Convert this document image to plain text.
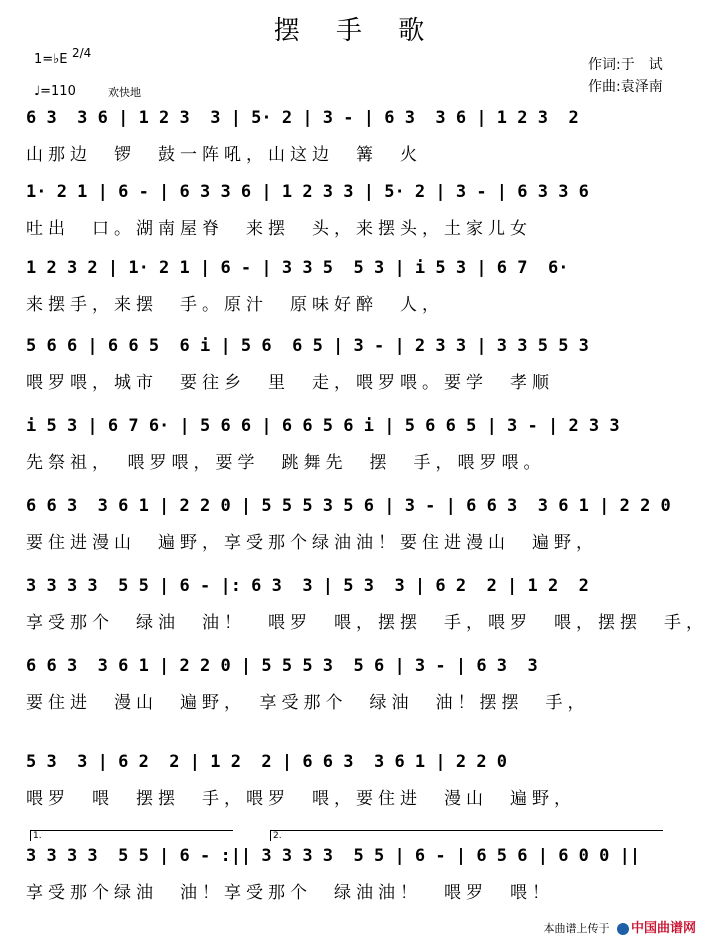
摆 手 歌
1=♭E 2/4
♩=110	欢快地
作词:于　试
作曲:袁泽南
6 3  3 6 | 1 2 3  3 | 5· 2 | 3 - | 6 3  3 6 | 1 2 3  2
山那边　锣　鼓一阵吼，山这边　篝　火
1· 2 1 | 6 - | 6 3 3 6 | 1 2 3 3 | 5· 2 | 3 - | 6 3 3 6
吐出　口。湖南屋脊　来摆　头，来摆头，土家儿女
1 2 3 2 | 1· 2 1 | 6 - | 3 3 5  5 3 | i 5 3 | 6 7  6·
来摆手，来摆　手。原汁　原味好醉　人，
5 6 6 | 6 6 5  6 i | 5 6  6 5 | 3 - | 2 3 3 | 3 3 5 5 3
喂罗喂，城市　要往乡　里　走，喂罗喂。要学　孝顺
i 5 3 | 6 7 6· | 5 6 6 | 6 6 5 6 i | 5 6 6 5 | 3 - | 2 3 3
先祭祖，　喂罗喂，要学　跳舞先　摆　手，喂罗喂。
6 6 3  3 6 1 | 2 2 0 | 5 5 5 3 5 6 | 3 - | 6 6 3  3 6 1 | 2 2 0
要住进漫山　遍野，享受那个绿油油！要住进漫山　遍野，
3 3 3 3  5 5 | 6 - |: 6 3  3 | 5 3  3 | 6 2  2 | 1 2  2
享受那个　绿油　油！　喂罗　喂，摆摆　手，喂罗　喂，摆摆　手，
6 6 3  3 6 1 | 2 2 0 | 5 5 5 3  5 6 | 3 - | 6 3  3
要住进　漫山　遍野，　享受那个　绿油　油！摆摆　手，
5 3  3 | 6 2  2 | 1 2  2 | 6 6 3  3 6 1 | 2 2 0
喂罗　喂　摆摆　手，喂罗　喂，要住进　漫山　遍野，
3 3 3 3  5 5 | 6 - :|| 3 3 3 3  5 5 | 6 - | 6 5 6 | 6 0 0 ||
享受那个绿油　油！享受那个　绿油油！　喂罗　喂！
1.	2.
本曲谱上传于 中国曲谱网
